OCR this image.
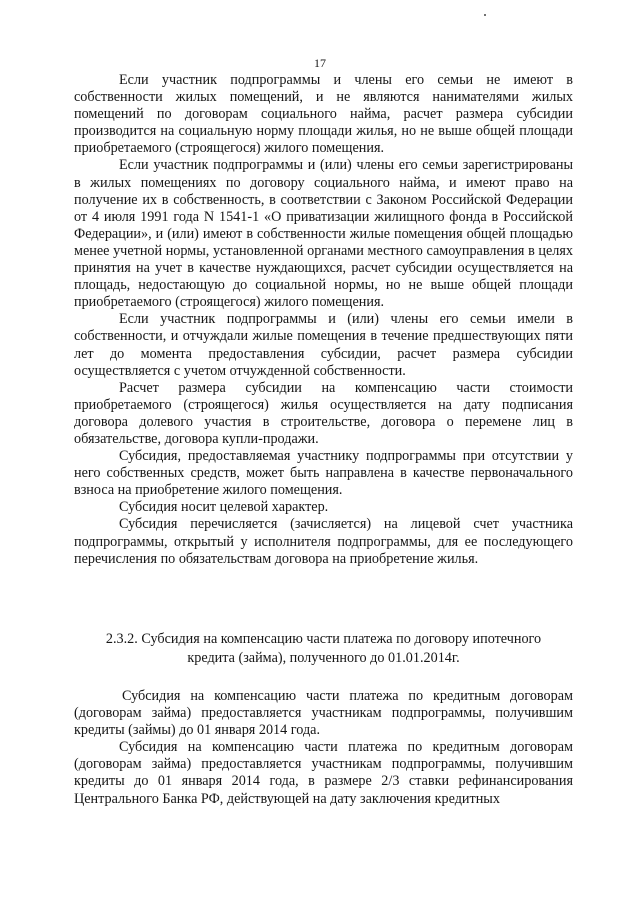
17

Если участник подпрограммы и члены его семьи не имеют в собственности жилых помещений, и не являются нанимателями жилых помещений по договорам социального найма, расчет размера субсидии производится на социальную норму площади жилья, но не выше общей площади приобретаемого (строящегося) жилого помещения.

Если участник подпрограммы и (или) члены его семьи зарегистрированы в жилых помещениях по договору социального найма, и имеют право на получение их в собственность, в соответствии с Законом Российской Федерации от 4 июля 1991 года N 1541-1 «О приватизации жилищного фонда в Российской Федерации», и (или) имеют в собственности жилые помещения общей площадью менее учетной нормы, установленной органами местного самоуправления в целях принятия на учет в качестве нуждающихся, расчет субсидии осуществляется на площадь, недостающую до социальной нормы, но не выше общей площади приобретаемого (строящегося) жилого помещения.

Если участник подпрограммы и (или) члены его семьи имели в собственности, и отчуждали жилые помещения в течение предшествующих пяти лет до момента предоставления субсидии, расчет размера субсидии осуществляется с учетом отчужденной собственности.

Расчет размера субсидии на компенсацию части стоимости приобретаемого (строящегося) жилья осуществляется на дату подписания договора долевого участия в строительстве, договора о перемене лиц в обязательстве, договора купли-продажи.

Субсидия, предоставляемая участнику подпрограммы при отсутствии у него собственных средств, может быть направлена в качестве первоначального взноса на приобретение жилого помещения.

Субсидия носит целевой характер.

Субсидия перечисляется (зачисляется) на лицевой счет участника подпрограммы, открытый у исполнителя подпрограммы, для ее последующего перечисления по обязательствам договора на приобретение жилья.

2.3.2. Субсидия на компенсацию части платежа по договору ипотечного
кредита (займа), полученного до 01.01.2014г.

Субсидия на компенсацию части платежа по кредитным договорам (договорам займа) предоставляется участникам подпрограммы, получившим кредиты (займы) до 01 января 2014 года.

Субсидия на компенсацию части платежа по кредитным договорам (договорам займа) предоставляется участникам подпрограммы, получившим кредиты до 01 января 2014 года, в размере 2/3 ставки рефинансирования Центрального Банка РФ, действующей на дату заключения кредитных
